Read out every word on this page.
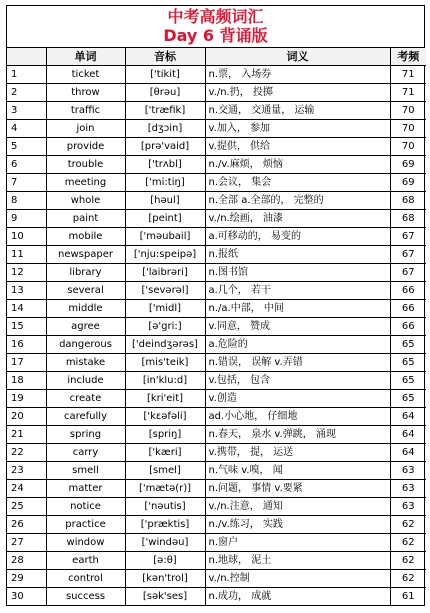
中考高频词汇
Day 6 背诵版
	单词	音标	词义	考频
1	ticket	['tikit]	n.票， 入场券	71
2	throw	[θrəu]	v./n.扔， 投掷	71
3	traffic	['træfik]	n.交通， 交通量， 运输	70
4	join	[dʒɔin]	v.加入， 参加	70
5	provide	[prə'vaid]	v.提供， 供给	70
6	trouble	['trʌbl]	n./v.麻烦， 烦恼	69
7	meeting	['mi:tiŋ]	n.会议， 集会	69
8	whole	[həul]	n.全部 a.全部的， 完整的	68
9	paint	[peint]	v./n.绘画， 油漆	68
10	mobile	['məubail]	a.可移动的， 易变的	67
11	newspaper	['nju:speipə]	n.报纸	67
12	library	['laibrəri]	n.图书馆	67
13	several	['sevərəl]	a.几个， 若干	66
14	middle	['midl]	n./a.中部， 中间	66
15	agree	[ə'gri:]	v.同意， 赞成	66
16	dangerous	['deindʒərəs]	a.危险的	65
17	mistake	[mis'teik]	n.错误， 误解 v.弄错	65
18	include	[in'klu:d]	v.包括， 包含	65
19	create	[kri'eit]	v.创造	65
20	carefully	['kɛəfəli]	ad.小心地， 仔细地	64
21	spring	[spriŋ]	n.春天， 泉水 v.弹跳， 涌现	64
22	carry	['kæri]	v.携带， 提， 运送	64
23	smell	[smel]	n.气味 v.嗅， 闻	63
24	matter	['mætə(r)]	n.问题， 事情 v.要紧	63
25	notice	['nəutis]	v./n.注意， 通知	63
26	practice	['præktis]	n./v.练习， 实践	62
27	window	['windəu]	n.窗户	62
28	earth	[ə:θ]	n.地球， 泥土	62
29	control	[kən'trol]	v./n.控制	62
30	success	[sək'ses]	n.成功， 成就	61
